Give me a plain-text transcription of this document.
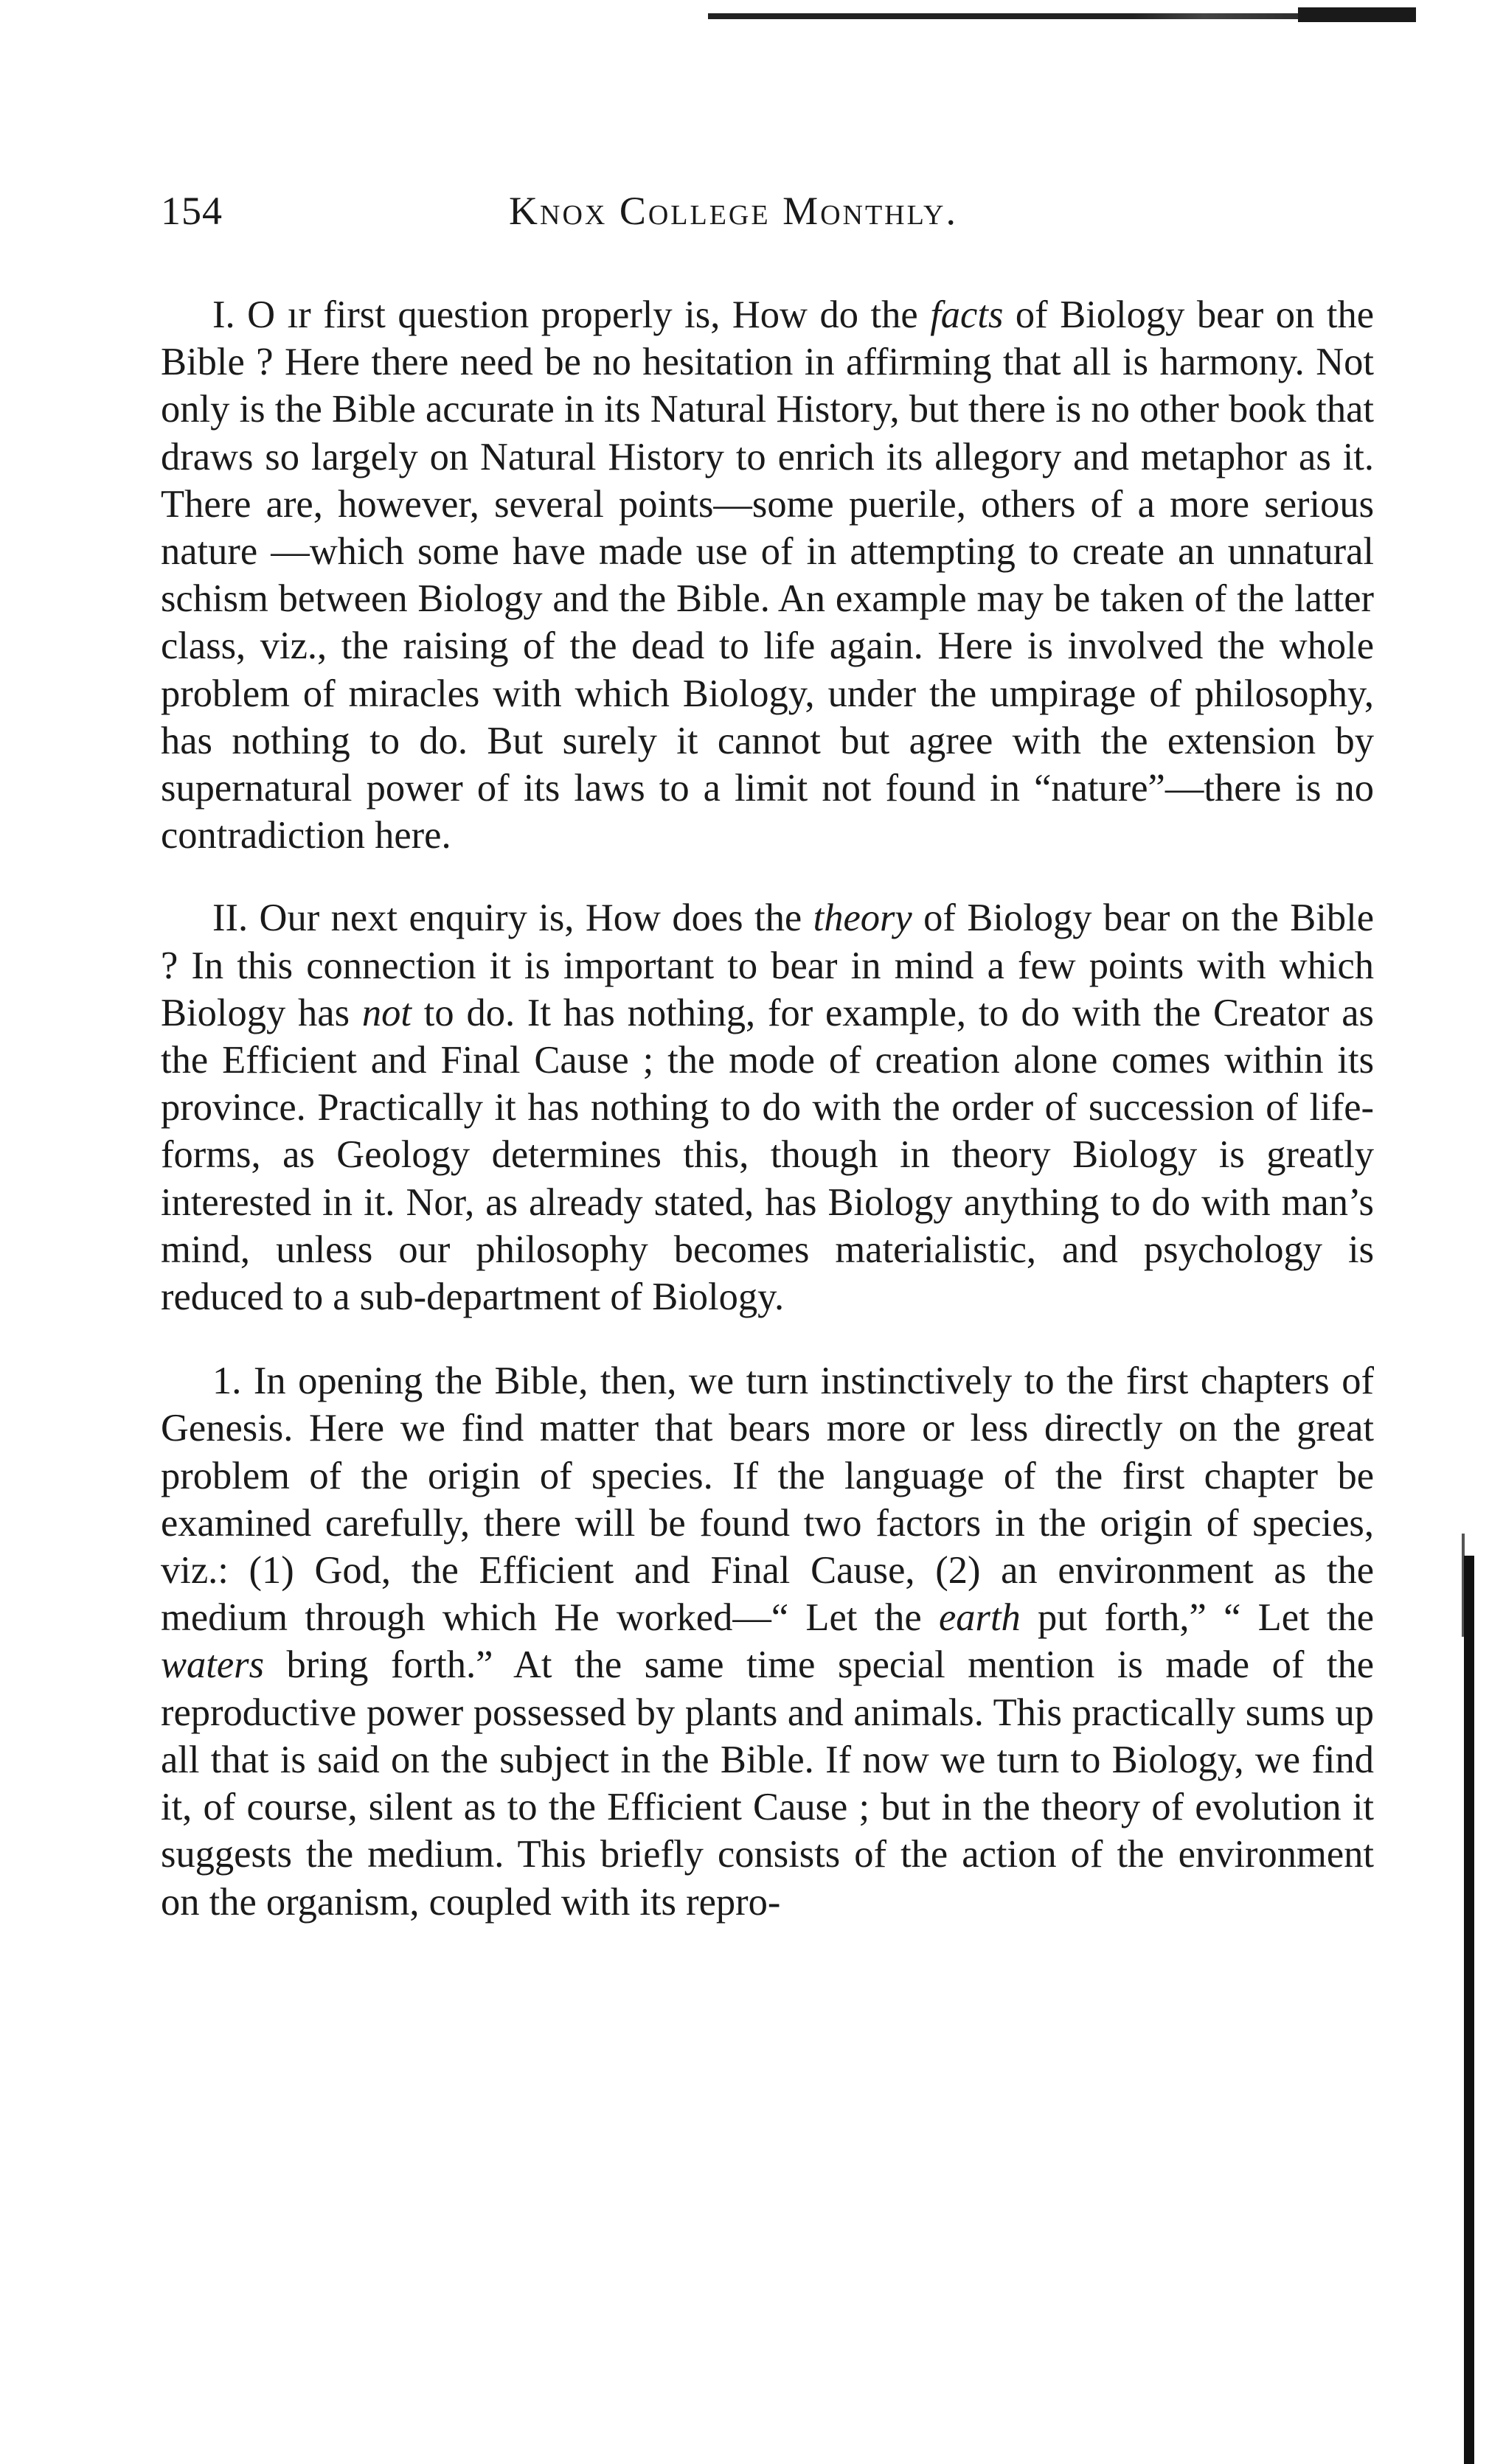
154	Knox College Monthly.

I. O ır first question properly is, How do the facts of Biology bear on the Bible ? Here there need be no hesitation in affirming that all is harmony. Not only is the Bible accurate in its Natural History, but there is no other book that draws so largely on Natural History to enrich its allegory and metaphor as it. There are, however, several points—some puerile, others of a more serious nature —which some have made use of in attempting to create an unnatural schism between Biology and the Bible. An example may be taken of the latter class, viz., the raising of the dead to life again. Here is involved the whole problem of miracles with which Biology, under the umpirage of philosophy, has nothing to do. But surely it cannot but agree with the extension by supernatural power of its laws to a limit not found in “nature”—there is no contradiction here.

II. Our next enquiry is, How does the theory of Biology bear on the Bible ? In this connection it is important to bear in mind a few points with which Biology has not to do. It has nothing, for example, to do with the Creator as the Efficient and Final Cause ; the mode of creation alone comes within its province. Practically it has nothing to do with the order of succession of life-forms, as Geology determines this, though in theory Biology is greatly interested in it. Nor, as already stated, has Biology anything to do with man’s mind, unless our philosophy becomes materialistic, and psychology is reduced to a sub-department of Biology.

1. In opening the Bible, then, we turn instinctively to the first chapters of Genesis. Here we find matter that bears more or less directly on the great problem of the origin of species. If the language of the first chapter be examined carefully, there will be found two factors in the origin of species, viz.: (1) God, the Efficient and Final Cause, (2) an environment as the medium through which He worked—“ Let the earth put forth,” “ Let the waters bring forth.” At the same time special mention is made of the reproductive power possessed by plants and animals. This practically sums up all that is said on the subject in the Bible. If now we turn to Biology, we find it, of course, silent as to the Efficient Cause ; but in the theory of evolution it suggests the medium. This briefly consists of the action of the environment on the organism, coupled with its repro-
